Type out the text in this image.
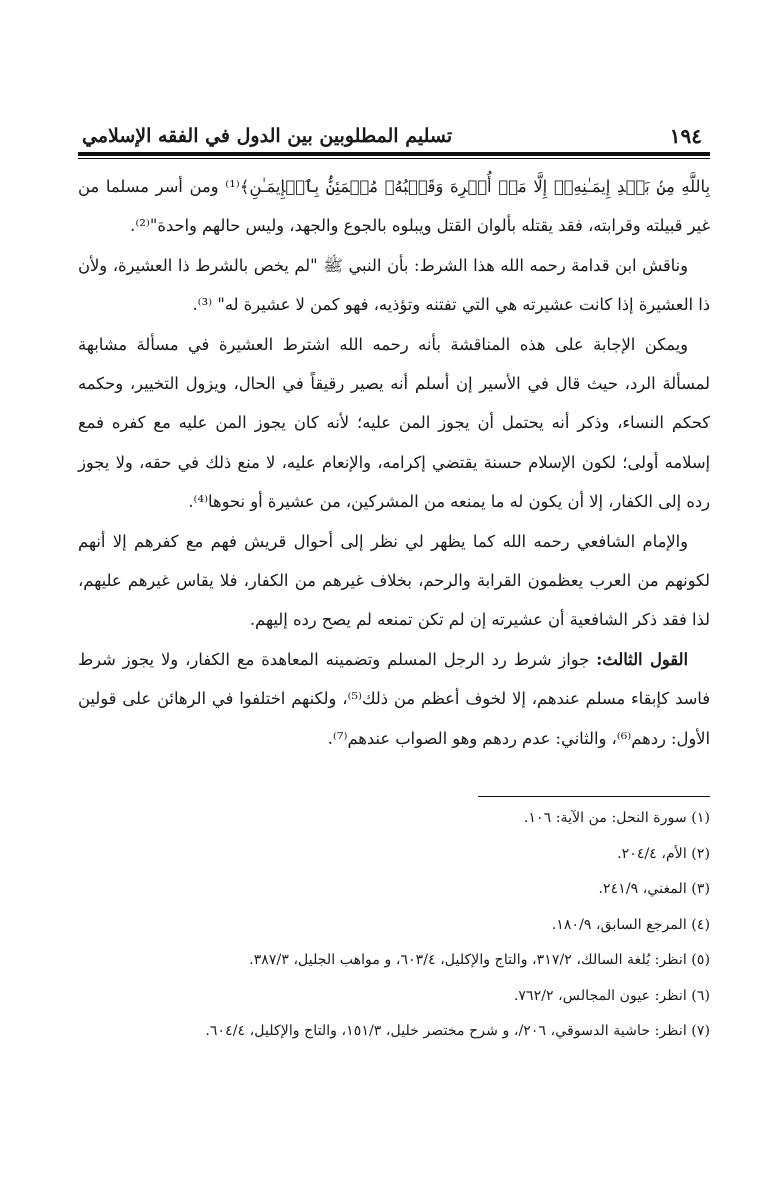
١٩٤
تسليم المطلوبين بين الدول في الفقه الإسلامي

بِاللَّهِ مِنۢ بَعۡدِ إِيمَـٰنِهِۦٓ إِلَّا مَنۡ أُكۡرِهَ وَقَلۡبُهُۥ مُطۡمَئِنُّۢ بِٱلۡإِيمَـٰنِ﴾⁽¹⁾ ومن أسر مسلما من غير قبيلته وقرابته، فقد يقتله بألوان القتل ويبلوه بالجوع والجهد، وليس حالهم واحدة"⁽²⁾.

وناقش ابن قدامة رحمه الله هذا الشرط: بأن النبي ﷺ "لم يخص بالشرط ذا العشيرة، ولأن ذا العشيرة إذا كانت عشيرته هي التي تفتنه وتؤذيه، فهو كمن لا عشيرة له" ⁽³⁾.

ويمكن الإجابة على هذه المناقشة بأنه رحمه الله اشترط العشيرة في مسألة مشابهة لمسألة الرد، حيث قال في الأسير إن أسلم أنه يصير رقيقاً في الحال، ويزول التخيير، وحكمه كحكم النساء، وذكر أنه يحتمل أن يجوز المن عليه؛ لأنه كان يجوز المن عليه مع كفره فمع إسلامه أولى؛ لكون الإسلام حسنة يقتضي إكرامه، والإنعام عليه، لا منع ذلك في حقه، ولا يجوز رده إلى الكفار، إلا أن يكون له ما يمنعه من المشركين، من عشيرة أو نحوها⁽⁴⁾.

والإمام الشافعي رحمه الله كما يظهر لي نظر إلى أحوال قريش فهم مع كفرهم إلا أنهم لكونهم من العرب يعظمون القرابة والرحم، بخلاف غيرهم من الكفار، فلا يقاس غيرهم عليهم، لذا فقد ذكر الشافعية أن عشيرته إن لم تكن تمنعه لم يصح رده إليهم.

القول الثالث: جواز شرط رد الرجل المسلم وتضمينه المعاهدة مع الكفار، ولا يجوز شرط فاسد كإبقاء مسلم عندهم، إلا لخوف أعظم من ذلك⁽⁵⁾، ولكنهم اختلفوا في الرهائن على قولين الأول: ردهم⁽⁶⁾، والثاني: عدم ردهم وهو الصواب عندهم⁽⁷⁾.

(١) سورة النحل: من الآية: ١٠٦.

(٢) الأم، ٢٠٤/٤.

(٣) المغني، ٢٤١/٩.

(٤) المرجع السابق، ١٨٠/٩.

(٥) انظر: بُلغة السالك، ٣١٧/٢، والتاج والإكليل، ٦٠٣/٤، و مواهب الجليل، ٣٨٧/٣.

(٦) انظر: عيون المجالس، ٧٦٢/٢.

(٧) انظر: حاشية الدسوقي، ٢٠٦/، و شرح مختصر خليل، ١٥١/٣، والتاج والإكليل، ٦٠٤/٤.
